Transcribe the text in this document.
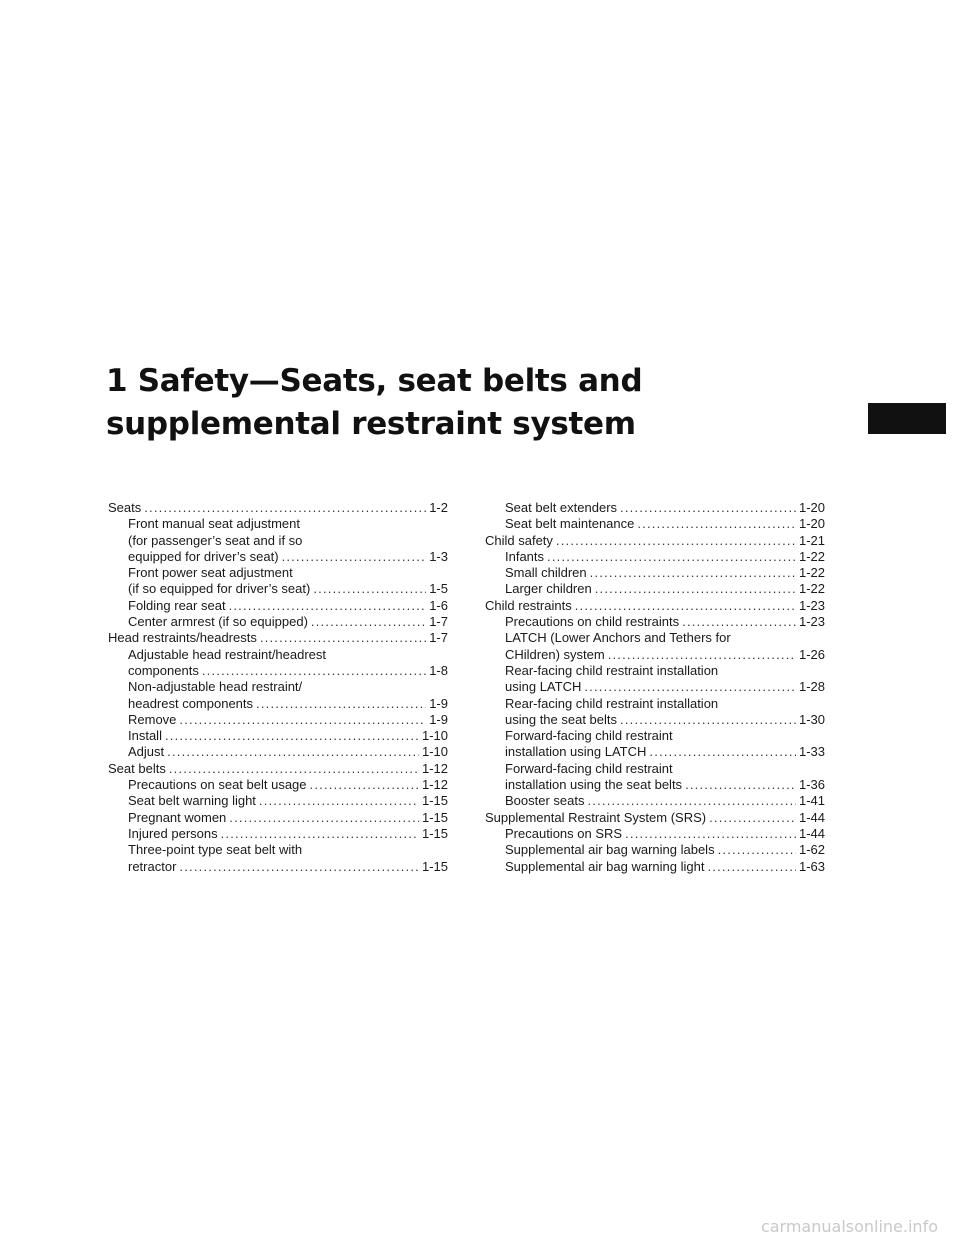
1 Safety—Seats, seat belts and
supplemental restraint system
Seats .....	1-2
Front manual seat adjustment
(for passenger’s seat and if so
equipped for driver’s seat) .....	1-3
Front power seat adjustment
(if so equipped for driver’s seat) .....	1-5
Folding rear seat .....	1-6
Center armrest (if so equipped) .....	1-7
Head restraints/headrests .....	1-7
Adjustable head restraint/headrest
components .....	1-8
Non-adjustable head restraint/
headrest components .....	1-9
Remove .....	1-9
Install .....	1-10
Adjust .....	1-10
Seat belts .....	1-12
Precautions on seat belt usage .....	1-12
Seat belt warning light .....	1-15
Pregnant women .....	1-15
Injured persons .....	1-15
Three-point type seat belt with
retractor .....	1-15
Seat belt extenders .....	1-20
Seat belt maintenance .....	1-20
Child safety .....	1-21
Infants .....	1-22
Small children .....	1-22
Larger children .....	1-22
Child restraints .....	1-23
Precautions on child restraints .....	1-23
LATCH (Lower Anchors and Tethers for
CHildren) system .....	1-26
Rear-facing child restraint installation
using LATCH .....	1-28
Rear-facing child restraint installation
using the seat belts .....	1-30
Forward-facing child restraint
installation using LATCH .....	1-33
Forward-facing child restraint
installation using the seat belts .....	1-36
Booster seats .....	1-41
Supplemental Restraint System (SRS) .....	1-44
Precautions on SRS .....	1-44
Supplemental air bag warning labels .....	1-62
Supplemental air bag warning light .....	1-63
carmanualsonline.info
